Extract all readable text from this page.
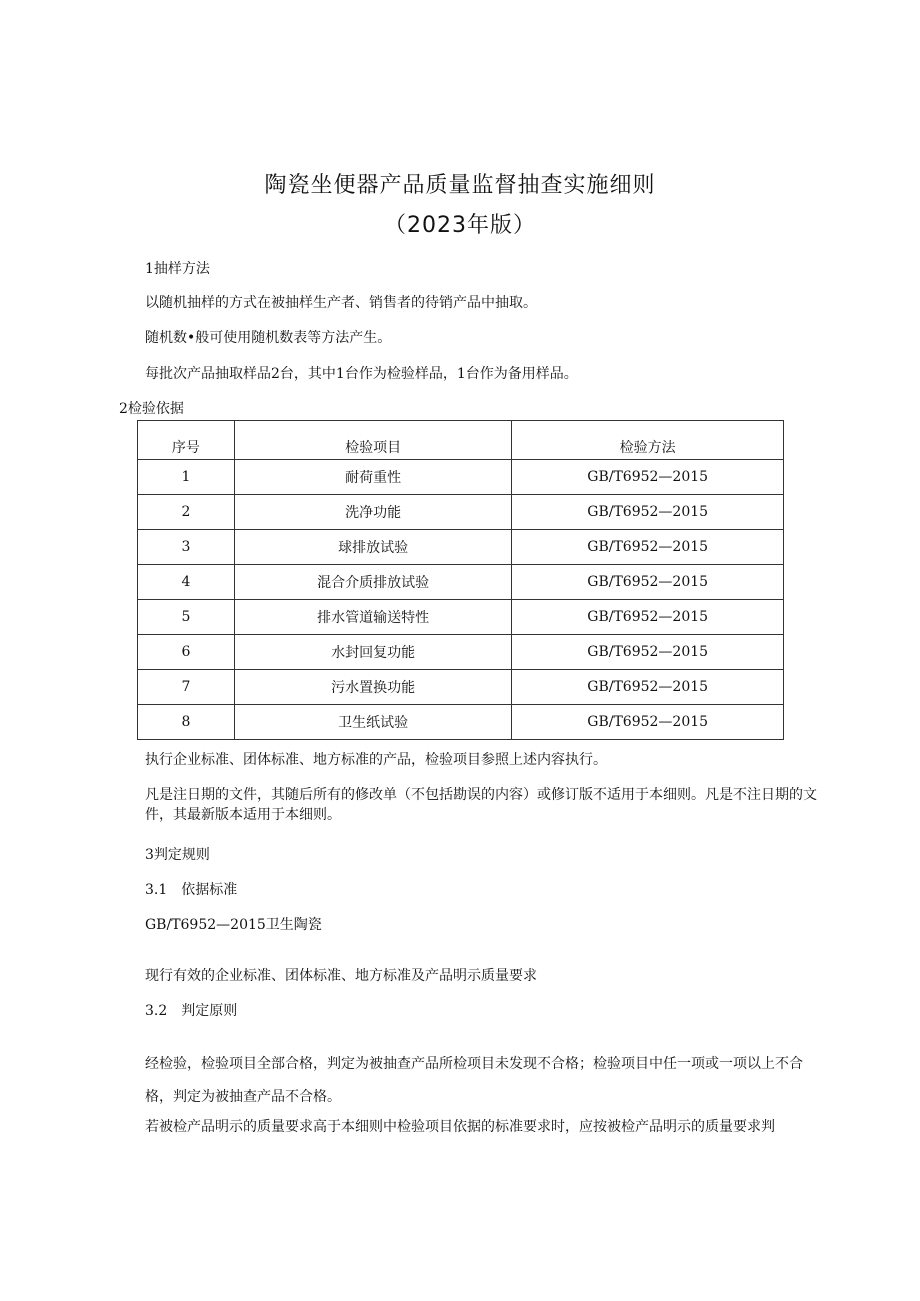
陶瓷坐便器产品质量监督抽查实施细则
（2023年版）
1抽样方法
以随机抽样的方式在被抽样生产者、销售者的待销产品中抽取。
随机数•般可使用随机数表等方法产生。
每批次产品抽取样品2台，其中1台作为检验样品，1台作为备用样品。
2检验依据
序号	检验项目	检验方法
1	耐荷重性	GB/T6952—2015
2	洗净功能	GB/T6952—2015
3	球排放试验	GB/T6952—2015
4	混合介质排放试验	GB/T6952—2015
5	排水管道输送特性	GB/T6952—2015
6	水封回复功能	GB/T6952—2015
7	污水置换功能	GB/T6952—2015
8	卫生纸试验	GB/T6952—2015
执行企业标准、团体标准、地方标准的产品，检验项目参照上述内容执行。
凡是注日期的文件，其随后所有的修改单（不包括勘误的内容）或修订版不适用于本细则。凡是不注日期的文件，其最新版本适用于本细则。
3判定规则
3.1　依据标准
GB/T6952—2015卫生陶瓷
现行有效的企业标准、团体标准、地方标准及产品明示质量要求
3.2　判定原则
经检验，检验项目全部合格，判定为被抽查产品所检项目未发现不合格；检验项目中任一项或一项以上不合格，判定为被抽查产品不合格。
若被检产品明示的质量要求高于本细则中检验项目依据的标准要求时，应按被检产品明示的质量要求判
